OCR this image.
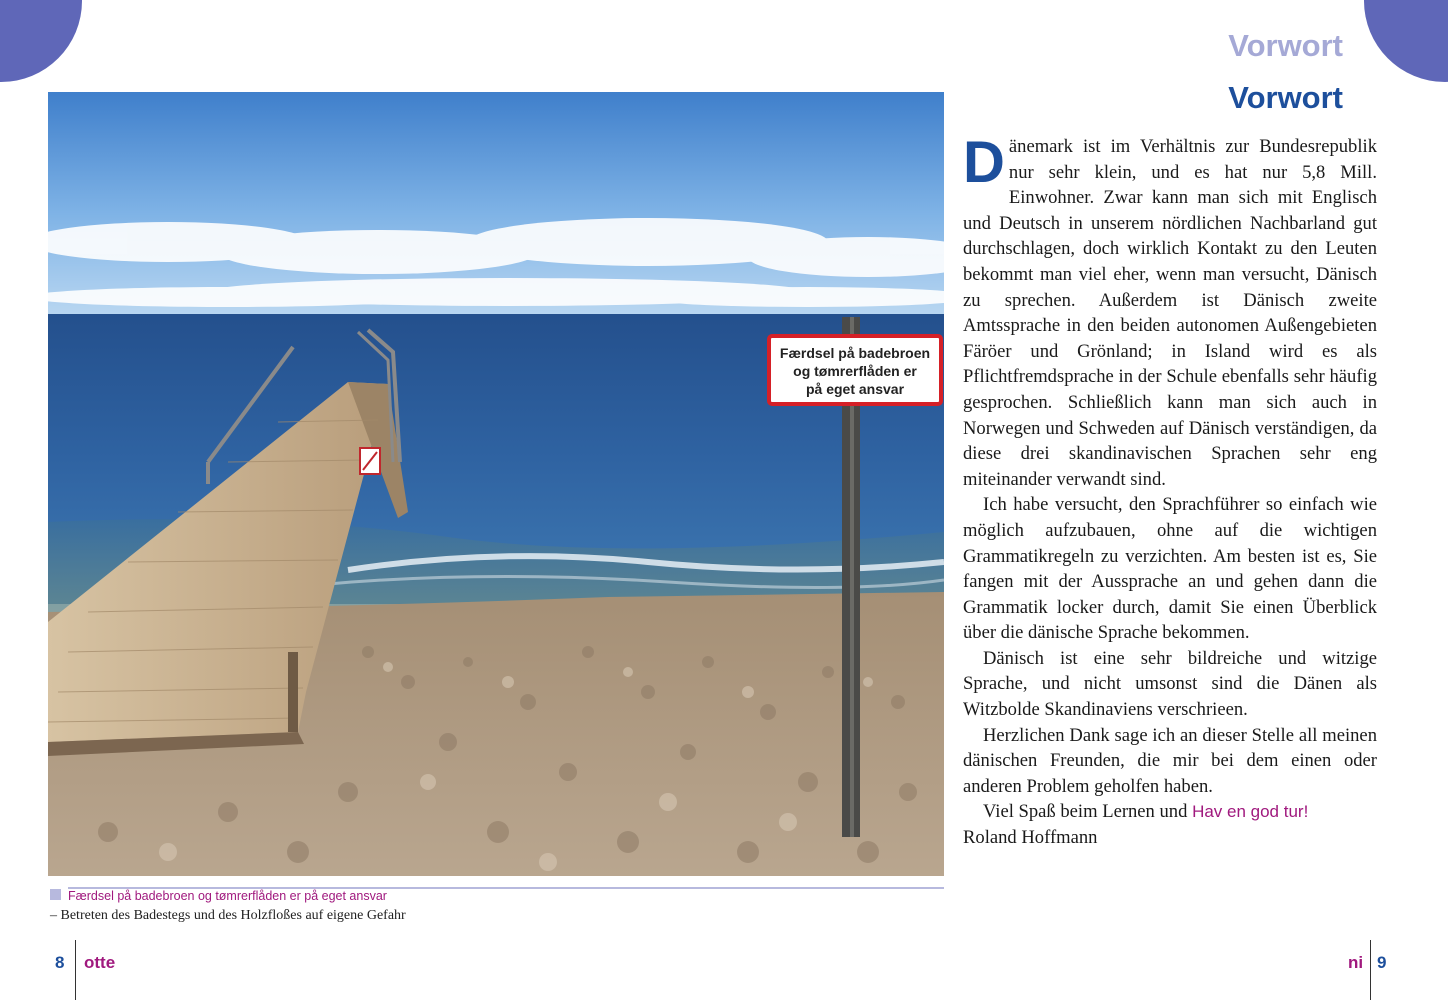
Vorwort
Vorwort
Færdsel på badebroen
og tømrerflåden er
på eget ansvar
Færdsel på badebroen og tømrerflåden er på eget ansvar
– Betreten des Badestegs und des Holzfloßes auf eigene Gefahr

Dänemark ist im Verhältnis zur Bundesrepublik nur sehr klein, und es hat nur 5,8 Mill. Einwohner. Zwar kann man sich mit Englisch und Deutsch in unserem nördlichen Nachbarland gut durchschlagen, doch wirklich Kontakt zu den Leuten bekommt man viel eher, wenn man versucht, Dänisch zu sprechen. Außerdem ist Dänisch zweite Amtssprache in den beiden autonomen Außengebieten Färöer und Grönland; in Island wird es als Pflichtfremdsprache in der Schule ebenfalls sehr häufig gesprochen. Schließlich kann man sich auch in Norwegen und Schweden auf Dänisch verständigen, da diese drei skandinavischen Sprachen sehr eng miteinander verwandt sind.

Ich habe versucht, den Sprachführer so einfach wie möglich aufzubauen, ohne auf die wichtigen Grammatikregeln zu verzichten. Am besten ist es, Sie fangen mit der Aussprache an und gehen dann die Grammatik locker durch, damit Sie einen Überblick über die dänische Sprache bekommen.

Dänisch ist eine sehr bildreiche und witzige Sprache, und nicht umsonst sind die Dänen als Witzbolde Skandinaviens verschrieen.

Herzlichen Dank sage ich an dieser Stelle all meinen dänischen Freunden, die mir bei dem einen oder anderen Problem geholfen haben.

Viel Spaß beim Lernen und Hav en god tur!

Roland Hoffmann

8 otte	ni 9
